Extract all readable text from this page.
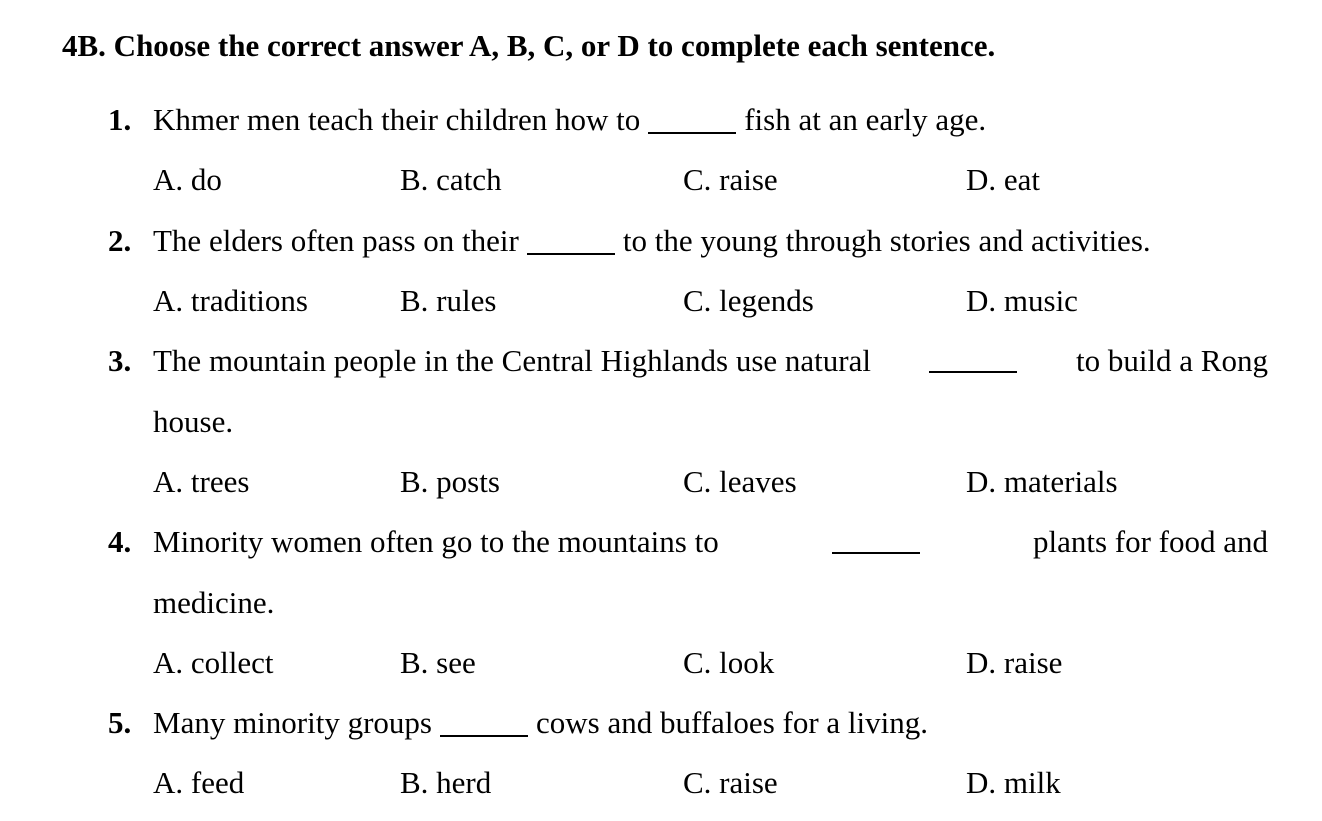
4B. Choose the correct answer A, B, C, or D to complete each sentence.
1. Khmer men teach their children how to	fish at an early age.
A. do	B. catch	C. raise	D. eat
2. The elders often pass on their	to the young through stories and activities.
A. traditions	B. rules	C. legends	D. music
3. The mountain people in the Central Highlands use natural	to build a Rong
house.
A. trees	B. posts	C. leaves	D. materials
4. Minority women often go to the mountains to	plants for food and
medicine.
A. collect	B. see	C. look	D. raise
5. Many minority groups	cows and buffaloes for a living.
A. feed	B. herd	C. raise	D. milk
